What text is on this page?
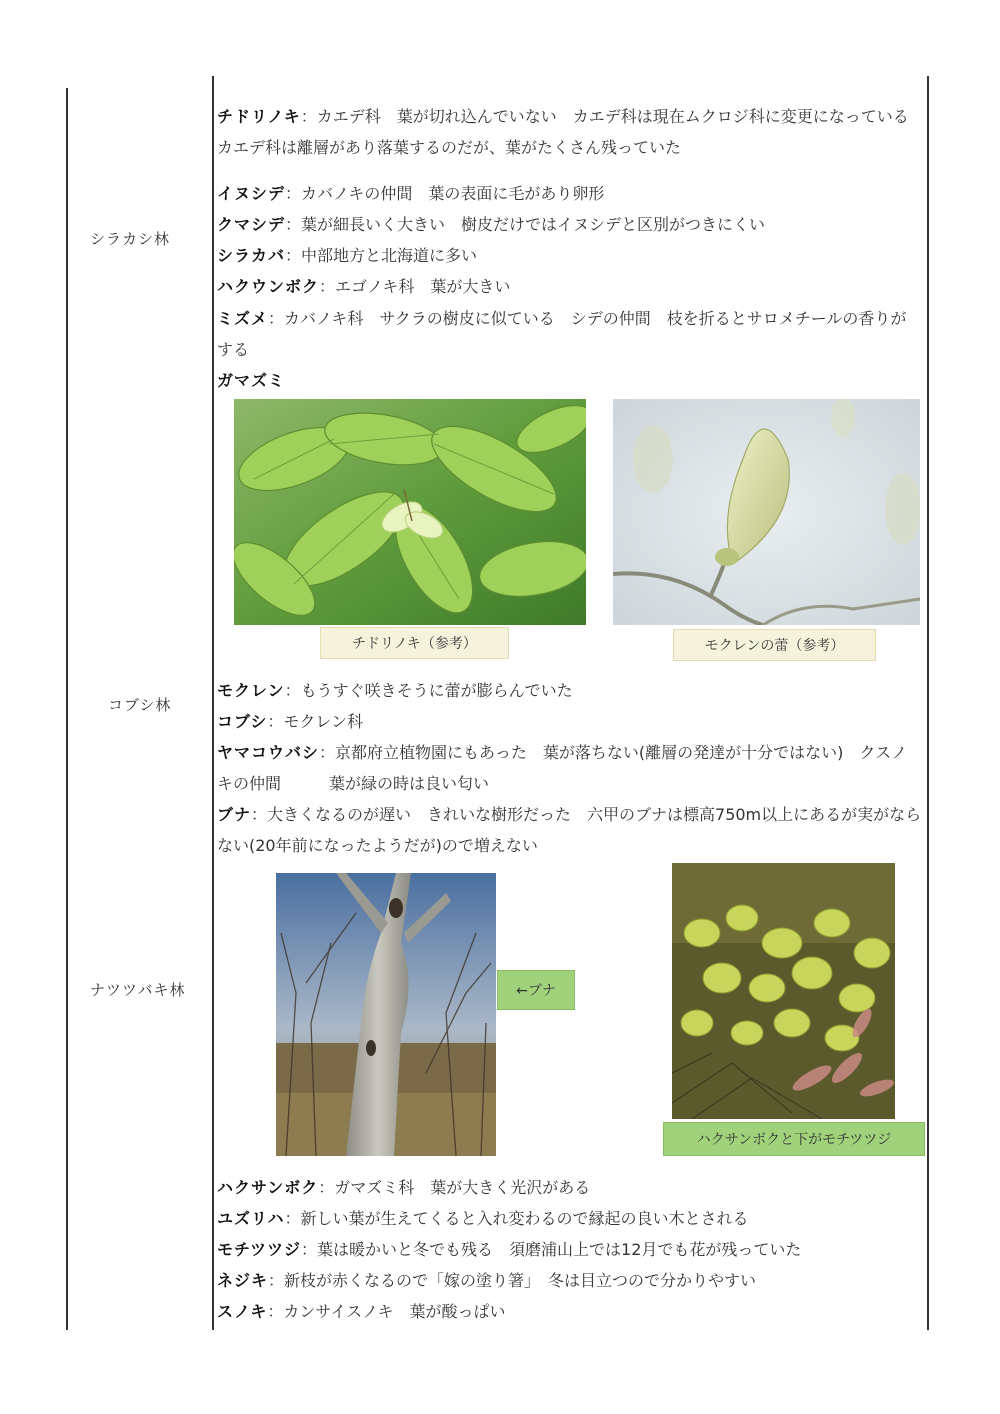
シラカシ林
コブシ林
ナツツバキ林
チドリノキ：カエデ科　葉が切れ込んでいない　カエデ科は現在ムクロジ科に変更になっている　カエデ科は離層があり落葉するのだが、葉がたくさん残っていた
イヌシデ：カバノキの仲間　葉の表面に毛があり卵形
クマシデ：葉が細長いく大きい　樹皮だけではイヌシデと区別がつきにくい
シラカバ：中部地方と北海道に多い
ハクウンボク：エゴノキ科　葉が大きい
ミズメ：カバノキ科　サクラの樹皮に似ている　シデの仲間　枝を折るとサロメチールの香りがする
ガマズミ
チドリノキ（参考）	モクレンの蕾（参考）
モクレン：もうすぐ咲きそうに蕾が膨らんでいた
コブシ：モクレン科
ヤマコウバシ：京都府立植物園にもあった　葉が落ちない(離層の発達が十分ではない)　クスノキの仲間　　　葉が緑の時は良い匂い
ブナ：大きくなるのが遅い　きれいな樹形だった　六甲のブナは標高750m以上にあるが実がならない(20年前になったようだが)ので増えない
←ブナ
ハクサンボクと下がモチツツジ
ハクサンボク：ガマズミ科　葉が大きく光沢がある
ユズリハ：新しい葉が生えてくると入れ変わるので縁起の良い木とされる
モチツツジ：葉は暖かいと冬でも残る　須磨浦山上では12月でも花が残っていた
ネジキ：新枝が赤くなるので「嫁の塗り箸」　冬は目立つので分かりやすい
スノキ：カンサイスノキ　葉が酸っぱい
